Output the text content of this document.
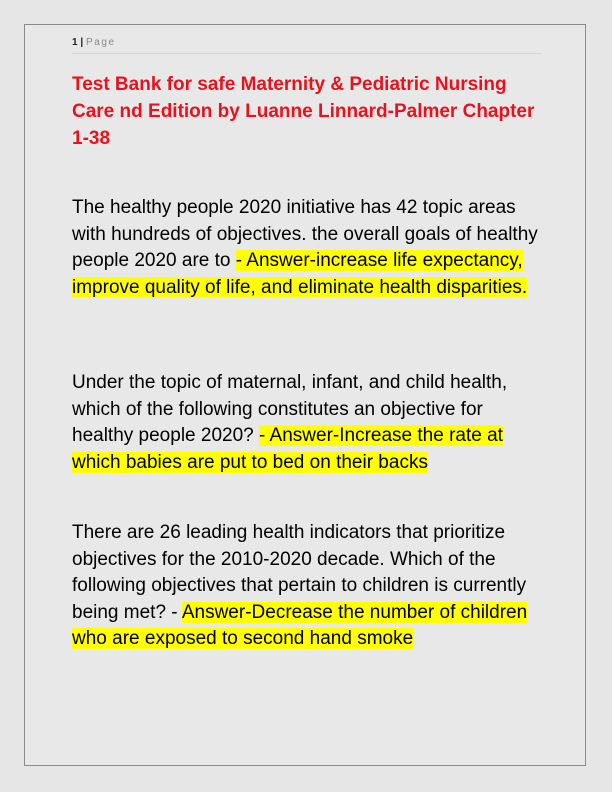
1 | Page
Test Bank for safe Maternity & Pediatric Nursing Care nd Edition by Luanne Linnard-Palmer Chapter 1-38

The healthy people 2020 initiative has 42 topic areas with hundreds of objectives. the overall goals of healthy people 2020 are to - Answer-increase life expectancy, improve quality of life, and eliminate health disparities.

Under the topic of maternal, infant, and child health, which of the following constitutes an objective for healthy people 2020? - Answer-Increase the rate at which babies are put to bed on their backs

There are 26 leading health indicators that prioritize objectives for the 2010-2020 decade. Which of the following objectives that pertain to children is currently being met? - Answer-Decrease the number of children who are exposed to second hand smoke
